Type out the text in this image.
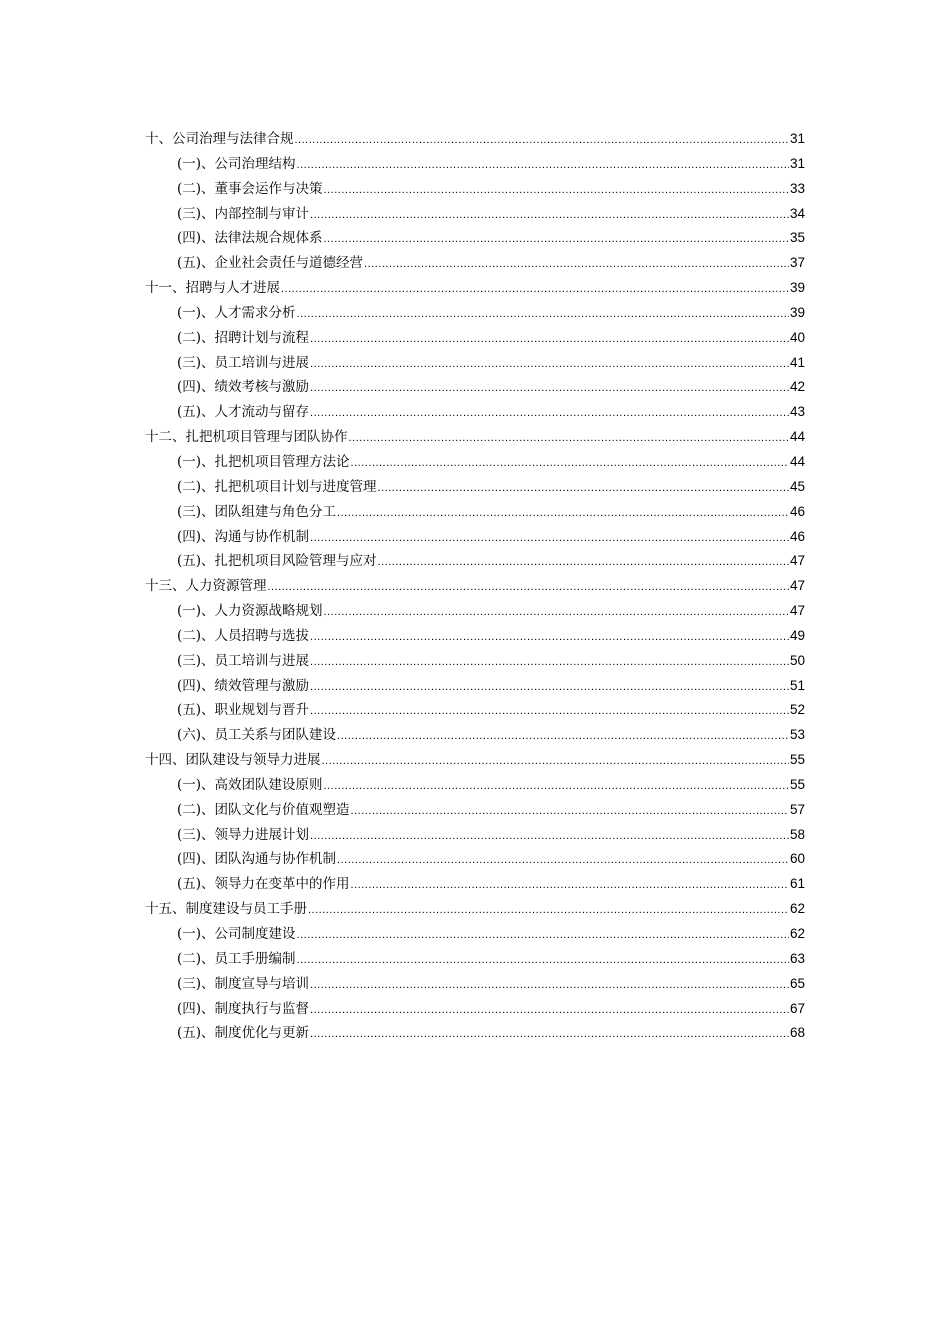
十、公司治理与法律合规 .....	31
(一)、公司治理结构 .....	31
(二)、董事会运作与决策 .....	33
(三)、内部控制与审计 .....	34
(四)、法律法规合规体系 .....	35
(五)、企业社会责任与道德经营 .....	37
十一、招聘与人才进展 .....	39
(一)、人才需求分析 .....	39
(二)、招聘计划与流程 .....	40
(三)、员工培训与进展 .....	41
(四)、绩效考核与激励 .....	42
(五)、人才流动与留存 .....	43
十二、扎把机项目管理与团队协作 .....	44
(一)、扎把机项目管理方法论 .....	44
(二)、扎把机项目计划与进度管理 .....	45
(三)、团队组建与角色分工 .....	46
(四)、沟通与协作机制 .....	46
(五)、扎把机项目风险管理与应对 .....	47
十三、人力资源管理 .....	47
(一)、人力资源战略规划 .....	47
(二)、人员招聘与选拔 .....	49
(三)、员工培训与进展 .....	50
(四)、绩效管理与激励 .....	51
(五)、职业规划与晋升 .....	52
(六)、员工关系与团队建设 .....	53
十四、团队建设与领导力进展 .....	55
(一)、高效团队建设原则 .....	55
(二)、团队文化与价值观塑造 .....	57
(三)、领导力进展计划 .....	58
(四)、团队沟通与协作机制 .....	60
(五)、领导力在变革中的作用 .....	61
十五、制度建设与员工手册 .....	62
(一)、公司制度建设 .....	62
(二)、员工手册编制 .....	63
(三)、制度宣导与培训 .....	65
(四)、制度执行与监督 .....	67
(五)、制度优化与更新 .....	68
